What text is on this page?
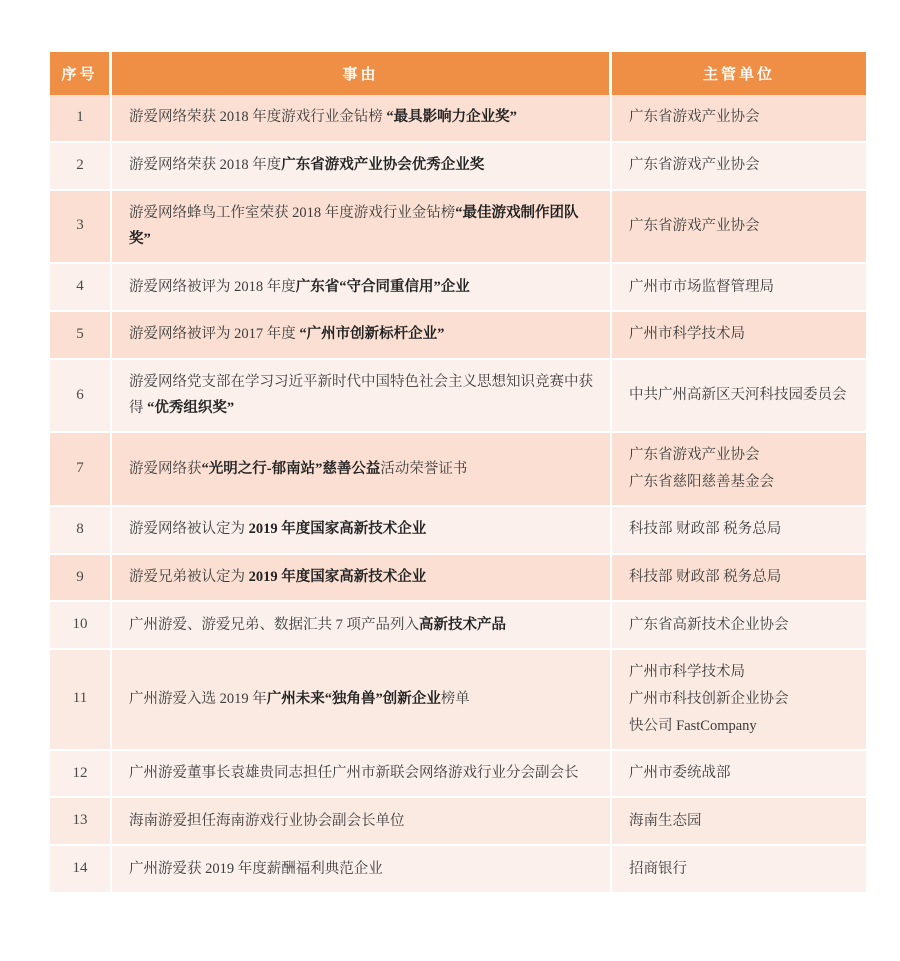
序号	事由	主管单位
1	游爱网络荣获 2018 年度游戏行业金钻榜 “最具影响力企业奖”	广东省游戏产业协会

2	游爱网络荣获 2018 年度广东省游戏产业协会优秀企业奖	广东省游戏产业协会

3	游爱网络蜂鸟工作室荣获 2018 年度游戏行业金钻榜“最佳游戏制作团队奖”	广东省游戏产业协会

4	游爱网络被评为 2018 年度广东省“守合同重信用”企业	广州市市场监督管理局

5	游爱网络被评为 2017 年度 “广州市创新标杆企业”	广州市科学技术局

6	游爱网络党支部在学习习近平新时代中国特色社会主义思想知识竞赛中获得 “优秀组织奖”	中共广州高新区天河科技园委员会

7	游爱网络获“光明之行-郁南站”慈善公益活动荣誉证书	广东省游戏产业协会
广东省慈阳慈善基金会

8	游爱网络被认定为 2019 年度国家高新技术企业	科技部 财政部 税务总局

9	游爱兄弟被认定为 2019 年度国家高新技术企业	科技部 财政部 税务总局

10	广州游爱、游爱兄弟、数据汇共 7 项产品列入高新技术产品	广东省高新技术企业协会

11	广州游爱入选 2019 年广州未来“独角兽”创新企业榜单	广州市科学技术局
广州市科技创新企业协会
快公司 FastCompany

12	广州游爱董事长袁雄贵同志担任广州市新联会网络游戏行业分会副会长	广州市委统战部

13	海南游爱担任海南游戏行业协会副会长单位	海南生态园

14	广州游爱获 2019 年度薪酬福利典范企业	招商银行
